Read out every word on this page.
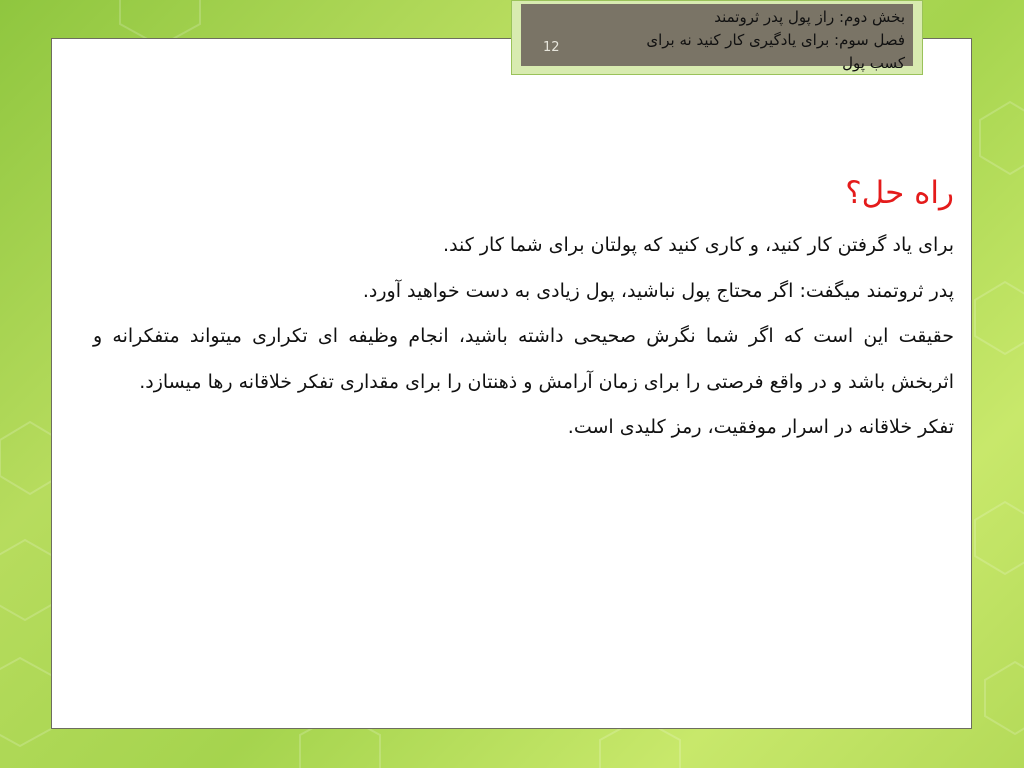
راه حل؟

برای یاد گرفتن کار کنید، و کاری کنید که پولتان برای شما کار کند.

پدر ثروتمند میگفت: اگر محتاج پول نباشید، پول زیادی به دست خواهید آورد.

حقیقت این است که اگر شما نگرش صحیحی داشته باشید، انجام وظیفه ای تکراری میتواند متفکرانه و اثربخش باشد و در واقع فرصتی را برای زمان آرامش و ذهنتان را برای مقداری تفکر خلاقانه رها میسازد.

تفکر خلاقانه در اسرار موفقیت، رمز کلیدی است.

12
بخش دوم: راز پول پدر ثروتمند
فصل سوم: برای یادگیری کار کنید نه برای
کسب پول
